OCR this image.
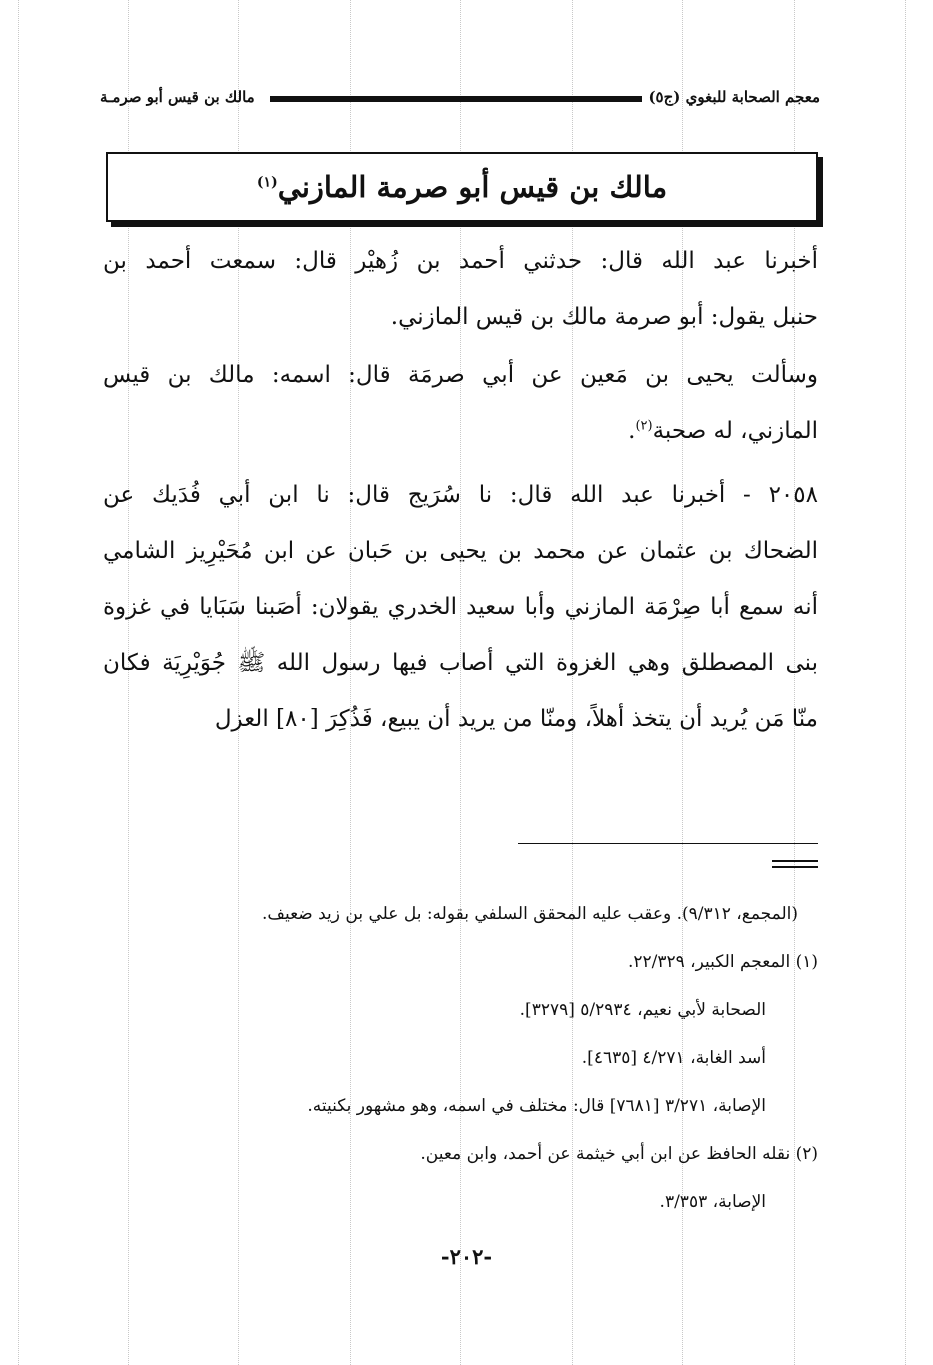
معجم الصحابة للبغوي (ج٥)
مالك بن قيس أبو صرمـة
مالك بن قيس أبو صرمة المازني$^{(١)}$
أخبرنا عبد الله قال: حدثني أحمد بن زُهيْر قال: سمعت أحمد بن
حنبل يقول: أبو صرمة مالك بن قيس المازني.
وسألت يحيى بن مَعين عن أبي صرمَة قال: اسمه: مالك بن قيس
المازني، له صحبة$^{(٢)}$.
٢٠٥٨ - أخبرنا عبد الله قال: نا سُرَيج قال: نا ابن أبي فُدَيك عن
الضحاك بن عثمان عن محمد بن يحيى بن حَبان عن ابن مُحَيْرِيز الشامي
أنه سمع أبا صِرْمَة المازني وأبا سعيد الخدري يقولان: أصَبنا سَبَايا في غزوة
بنى المصطلق وهي الغزوة التي أصاب فيها رسول الله ﷺ جُوَيْرِيَة فكان
منّا مَن يُريد أن يتخذ أهلاً، ومنّا من يريد أن يبيع، فَذُكِرَ [٨٠] العزل
(المجمع، ٩/٣١٢). وعقب عليه المحقق السلفي بقوله: بل علي بن زيد ضعيف.
(١) المعجم الكبير، ٢٢/٣٢٩.
الصحابة لأبي نعيم، ٥/٢٩٣٤ [٣٢٧٩].
أسد الغابة، ٤/٢٧١ [٤٦٣٥].
الإصابة، ٣/٢٧١ [٧٦٨١] قال: مختلف في اسمه، وهو مشهور بكنيته.
(٢) نقله الحافظ عن ابن أبي خيثمة عن أحمد، وابن معين.
الإصابة، ٣/٣٥٣.
-٢٠٢-
